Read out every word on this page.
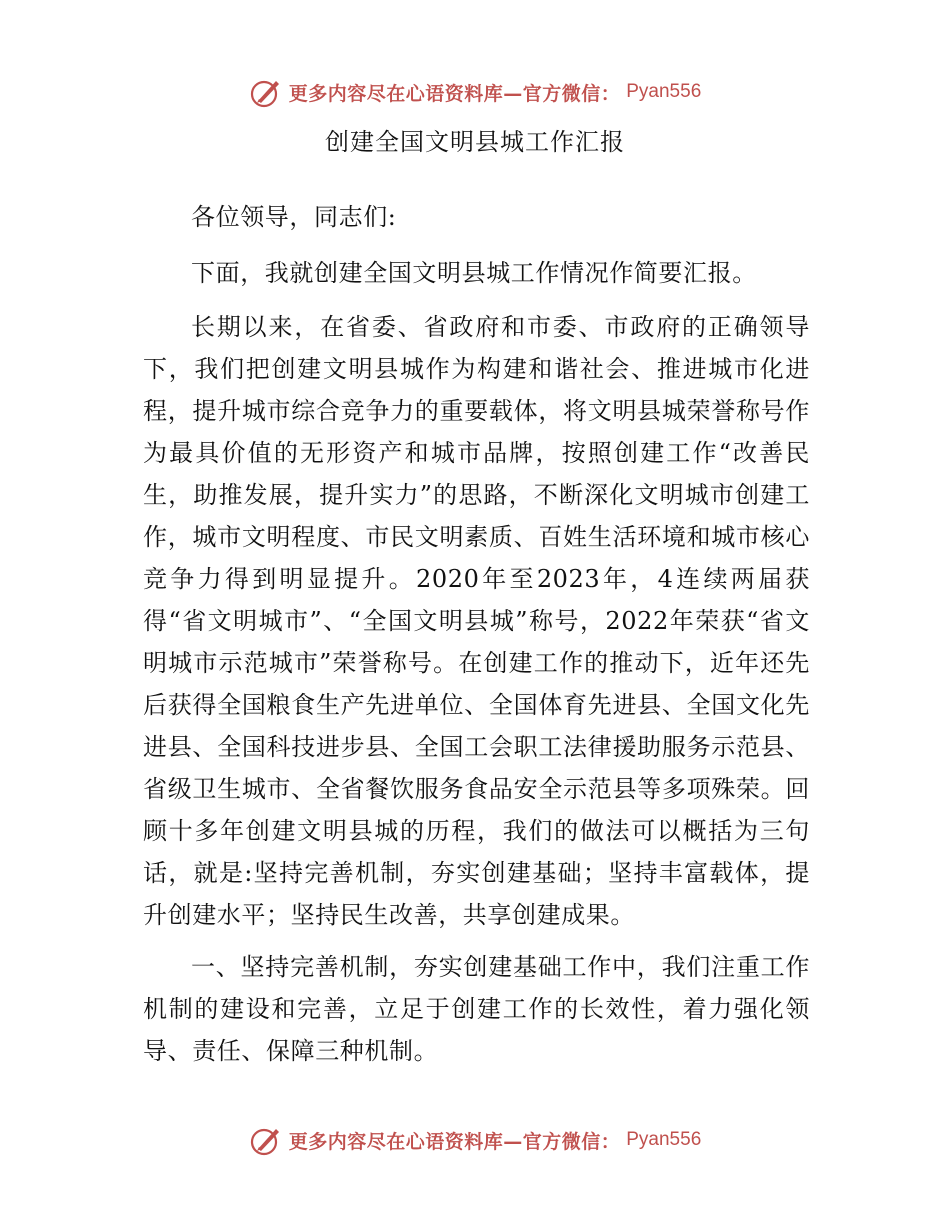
更多内容尽在心语资料库—官方微信： Pyan556
创建全国文明县城工作汇报

各位领导，同志们:

下面，我就创建全国文明县城工作情况作简要汇报。

长期以来，在省委、省政府和市委、市政府的正确领导下，我们把创建文明县城作为构建和谐社会、推进城市化进程，提升城市综合竞争力的重要载体，将文明县城荣誉称号作为最具价值的无形资产和城市品牌，按照创建工作“改善民生，助推发展，提升实力”的思路，不断深化文明城市创建工作，城市文明程度、市民文明素质、百姓生活环境和城市核心竞争力得到明显提升。2020年至2023年，4连续两届获得“省文明城市”、“全国文明县城”称号，2022年荣获“省文明城市示范城市”荣誉称号。在创建工作的推动下，近年还先后获得全国粮食生产先进单位、全国体育先进县、全国文化先进县、全国科技进步县、全国工会职工法律援助服务示范县、省级卫生城市、全省餐饮服务食品安全示范县等多项殊荣。回顾十多年创建文明县城的历程，我们的做法可以概括为三句话，就是:坚持完善机制，夯实创建基础；坚持丰富载体，提升创建水平；坚持民生改善，共享创建成果。

一、坚持完善机制，夯实创建基础工作中，我们注重工作机制的建设和完善，立足于创建工作的长效性，着力强化领导、责任、保障三种机制。

更多内容尽在心语资料库—官方微信： Pyan556
